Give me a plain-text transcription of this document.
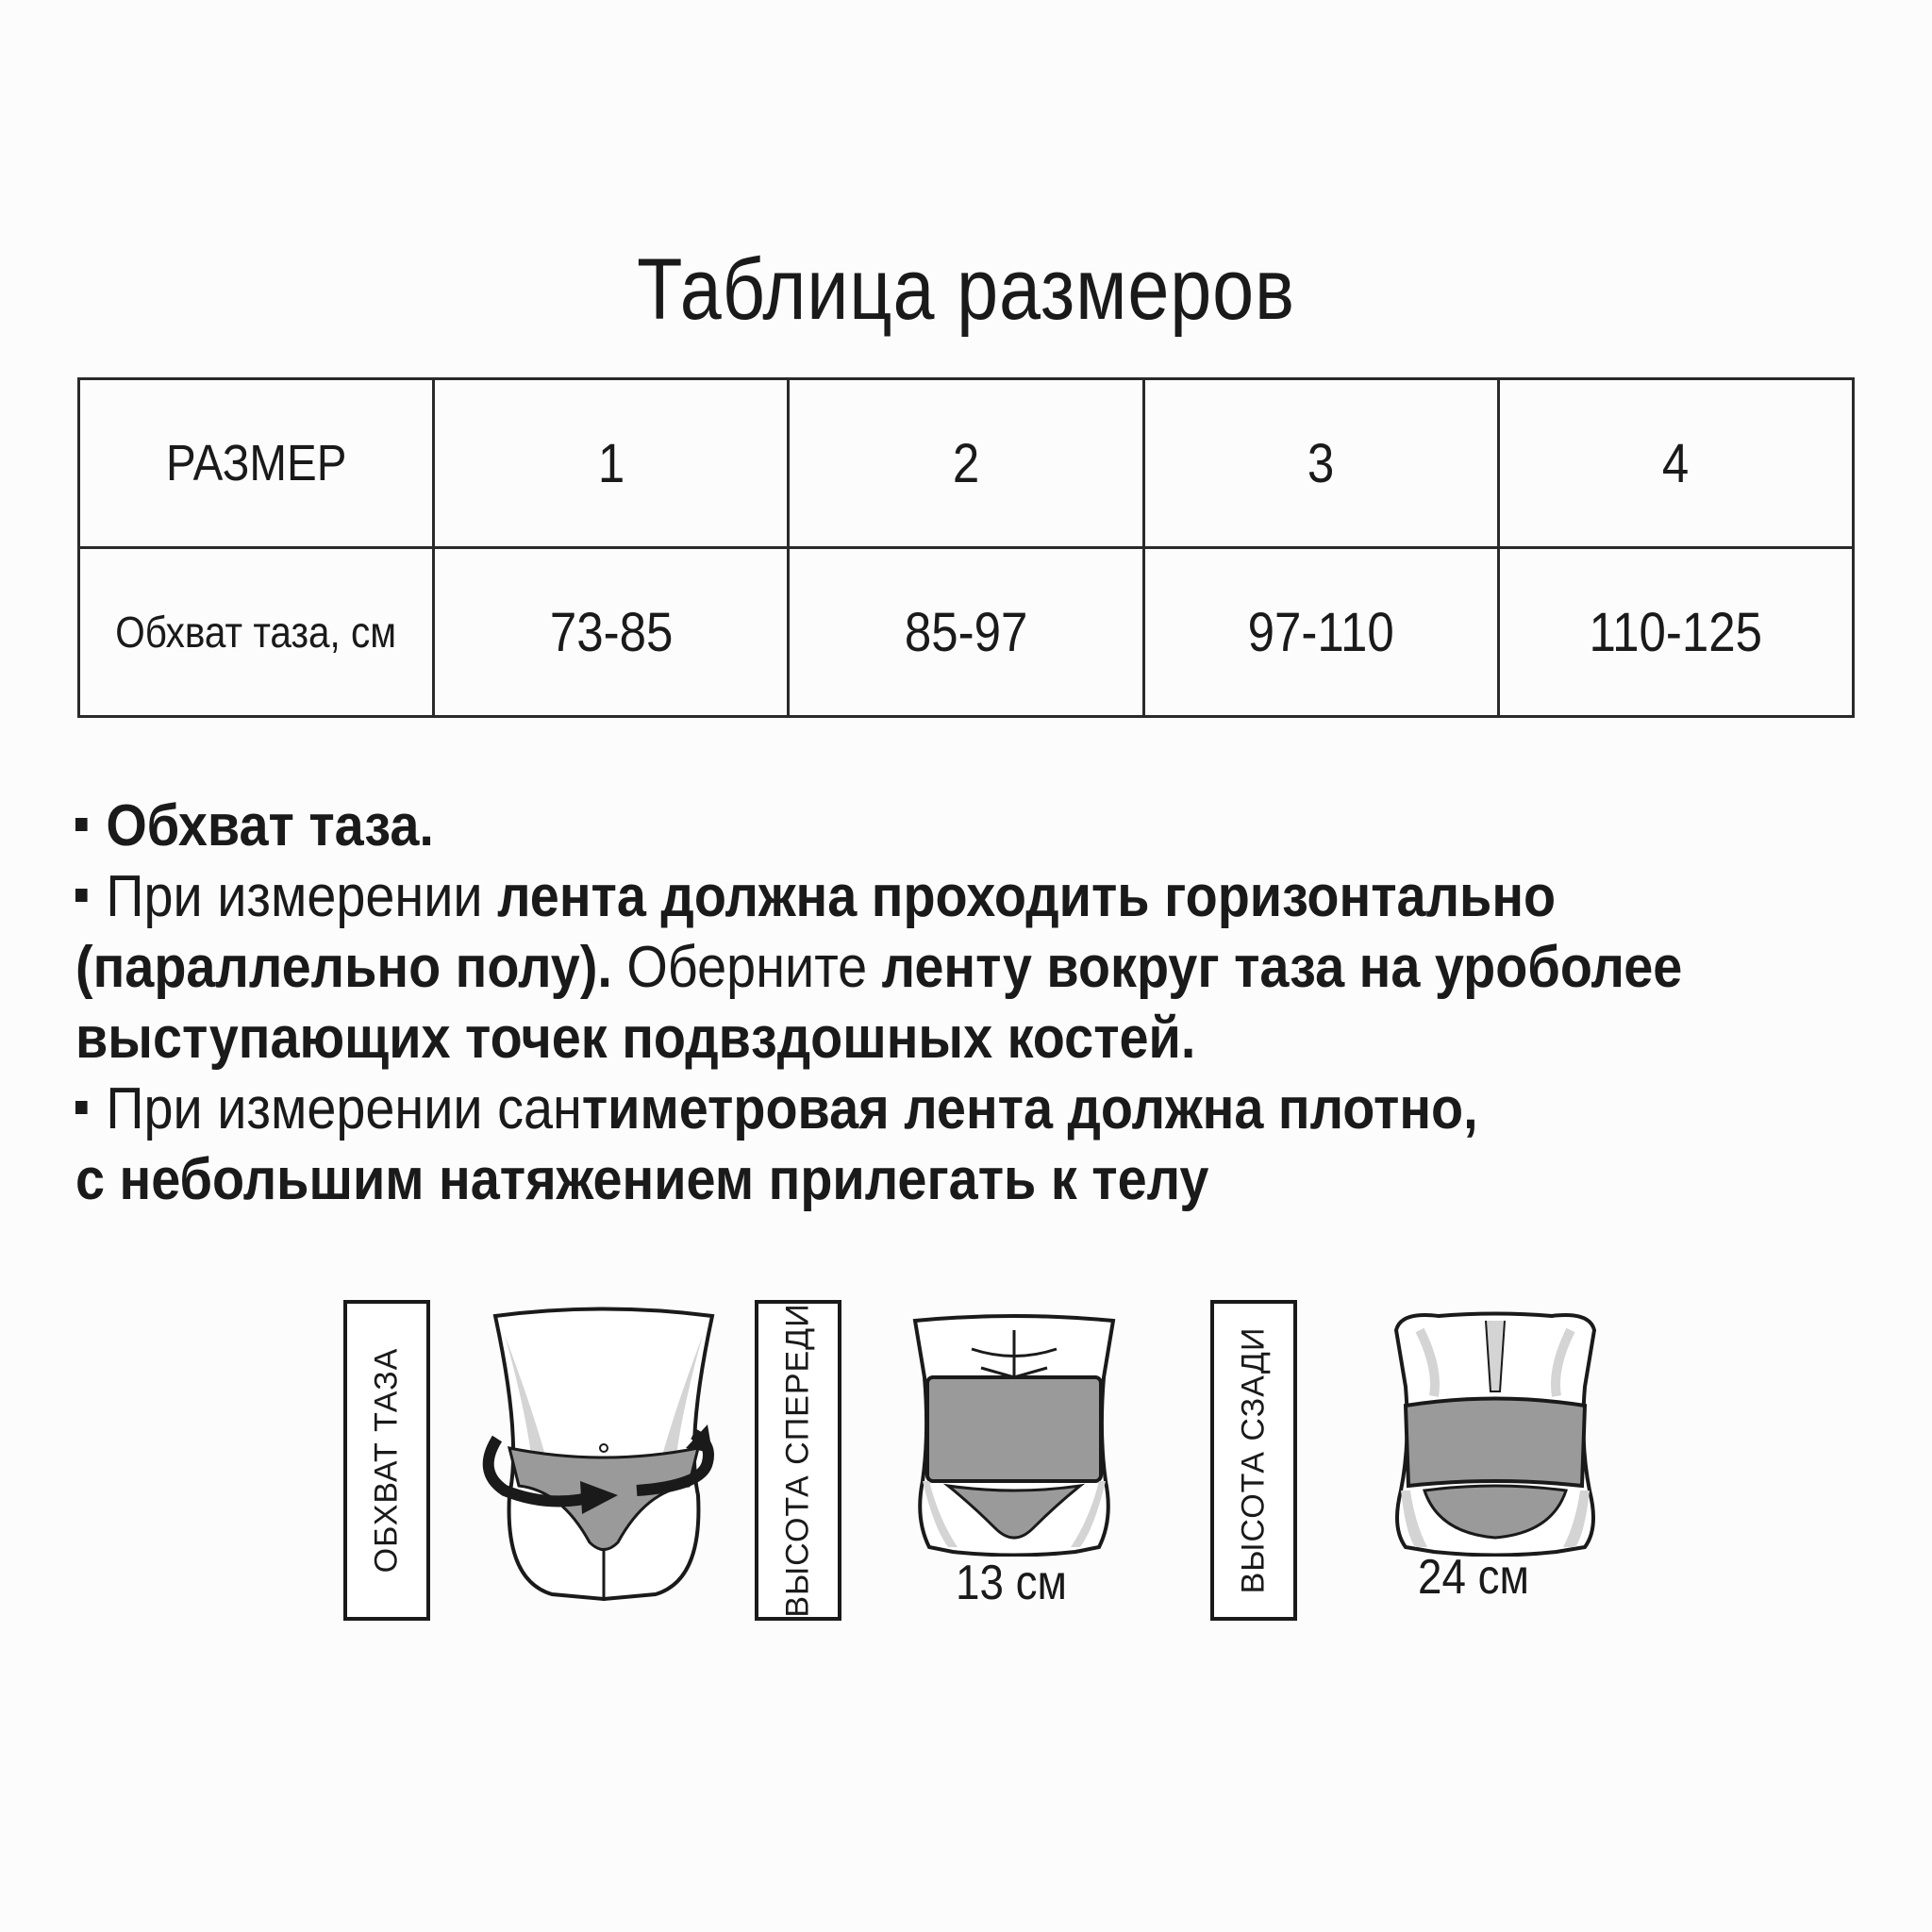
Таблица размеров
РАЗМЕР	1	2	3	4
Обхват таза, см	73-85	85-97	97-110	110-125

Обхват таза.

При измерении лента должна проходить горизонтально

(параллельно полу). Оберните ленту вокруг таза на уроболее

выступающих точек подвздошных костей.

При измерении сантиметровая лента должна плотно,

с небольшим натяжением прилегать к телу

ОБХВАТ ТАЗА	ВЫСОТА СПЕРЕДИ	13 см	ВЫСОТА СЗАДИ	24 см
